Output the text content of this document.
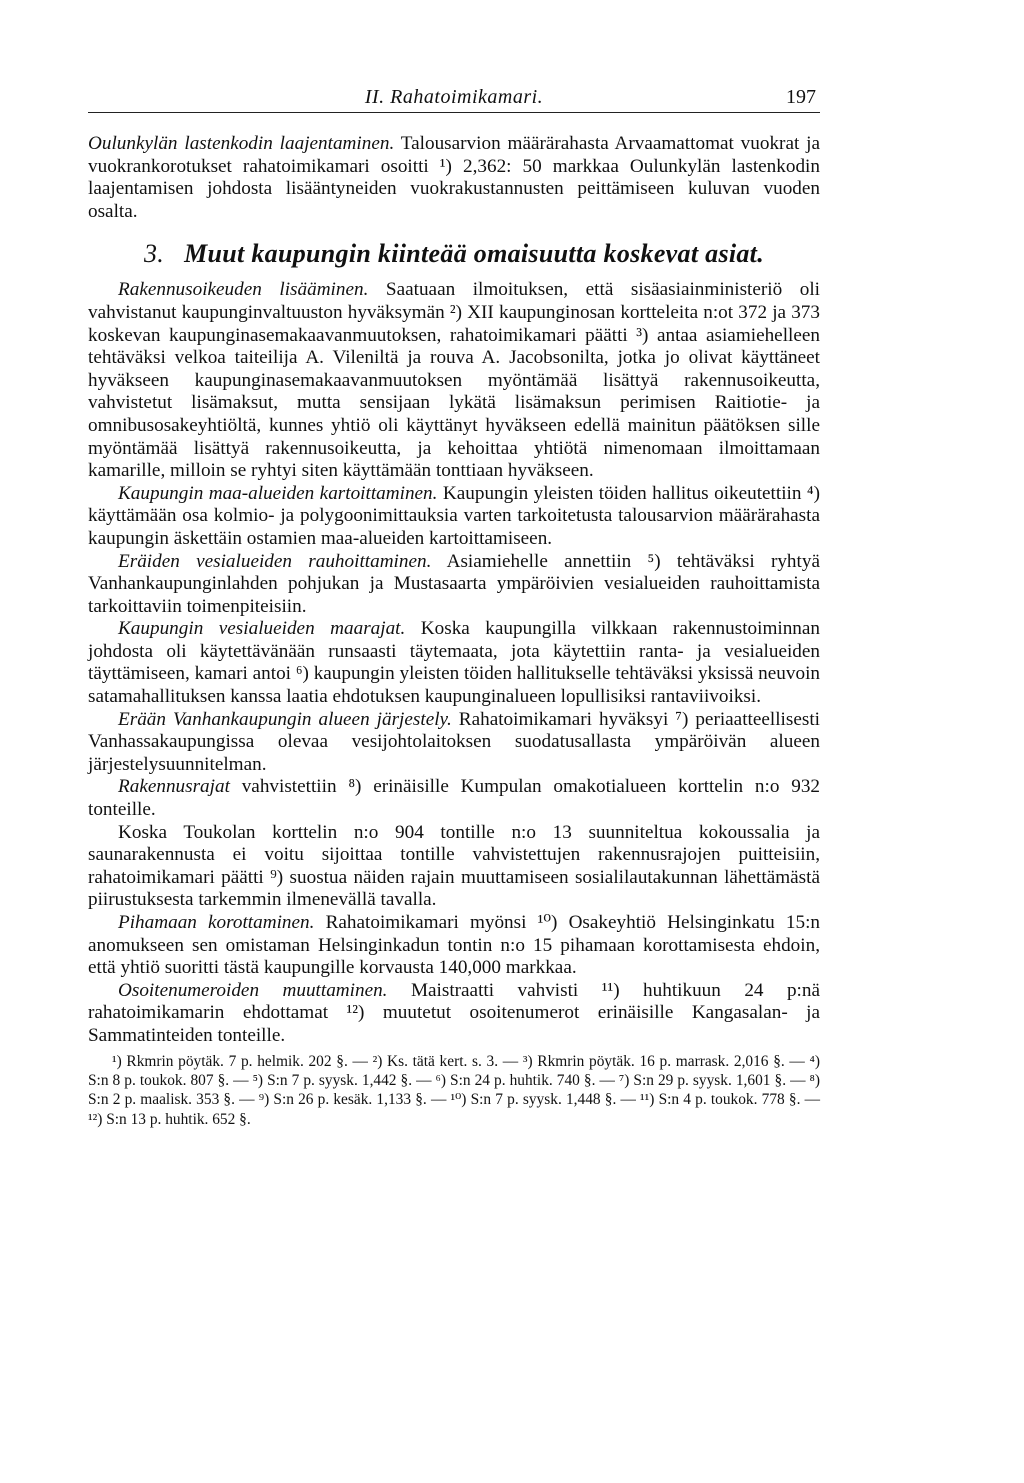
II. Rahatoimikamari.	197

Oulunkylän lastenkodin laajentaminen. Talousarvion määrärahasta Arvaamattomat vuokrat ja vuokrankorotukset rahatoimikamari osoitti ¹) 2,362: 50 markkaa Oulunkylän lastenkodin laajentamisen johdosta lisääntyneiden vuokrakustannusten peittämiseen kuluvan vuoden osalta.

3. Muut kaupungin kiinteää omaisuutta koskevat asiat.

Rakennusoikeuden lisääminen. Saatuaan ilmoituksen, että sisäasiainministeriö oli vahvistanut kaupunginvaltuuston hyväksymän ²) XII kaupunginosan kortteleita n:ot 372 ja 373 koskevan kaupunginasemakaavanmuutoksen, rahatoimikamari päätti ³) antaa asiamiehelleen tehtäväksi velkoa taiteilija A. Vileniltä ja rouva A. Jacobsonilta, jotka jo olivat käyttäneet hyväkseen kaupunginasemakaavanmuutoksen myöntämää lisättyä rakennusoikeutta, vahvistetut lisämaksut, mutta sensijaan lykätä lisämaksun perimisen Raitiotie- ja omnibusosakeyhtiöltä, kunnes yhtiö oli käyttänyt hyväkseen edellä mainitun päätöksen sille myöntämää lisättyä rakennusoikeutta, ja kehoittaa yhtiötä nimenomaan ilmoittamaan kamarille, milloin se ryhtyi siten käyttämään tonttiaan hyväkseen.

Kaupungin maa-alueiden kartoittaminen. Kaupungin yleisten töiden hallitus oikeutettiin ⁴) käyttämään osa kolmio- ja polygoonimittauksia varten tarkoitetusta talousarvion määrärahasta kaupungin äskettäin ostamien maa-alueiden kartoittamiseen.

Eräiden vesialueiden rauhoittaminen. Asiamiehelle annettiin ⁵) tehtäväksi ryhtyä Vanhankaupunginlahden pohjukan ja Mustasaarta ympäröivien vesialueiden rauhoittamista tarkoittaviin toimenpiteisiin.

Kaupungin vesialueiden maarajat. Koska kaupungilla vilkkaan rakennustoiminnan johdosta oli käytettävänään runsaasti täytemaata, jota käytettiin ranta- ja vesialueiden täyttämiseen, kamari antoi ⁶) kaupungin yleisten töiden hallitukselle tehtäväksi yksissä neuvoin satamahallituksen kanssa laatia ehdotuksen kaupunginalueen lopullisiksi rantaviivoiksi.

Erään Vanhankaupungin alueen järjestely. Rahatoimikamari hyväksyi ⁷) periaatteellisesti Vanhassakaupungissa olevaa vesijohtolaitoksen suodatusallasta ympäröivän alueen järjestelysuunnitelman.

Rakennusrajat vahvistettiin ⁸) erinäisille Kumpulan omakotialueen korttelin n:o 932 tonteille.

Koska Toukolan korttelin n:o 904 tontille n:o 13 suunniteltua kokoussalia ja saunarakennusta ei voitu sijoittaa tontille vahvistettujen rakennusrajojen puitteisiin, rahatoimikamari päätti ⁹) suostua näiden rajain muuttamiseen sosialilautakunnan lähettämästä piirustuksesta tarkemmin ilmenevällä tavalla.

Pihamaan korottaminen. Rahatoimikamari myönsi ¹⁰) Osakeyhtiö Helsinginkatu 15:n anomukseen sen omistaman Helsinginkadun tontin n:o 15 pihamaan korottamisesta ehdoin, että yhtiö suoritti tästä kaupungille korvausta 140,000 markkaa.

Osoitenumeroiden muuttaminen. Maistraatti vahvisti ¹¹) huhtikuun 24 p:nä rahatoimikamarin ehdottamat ¹²) muutetut osoitenumerot erinäisille Kangasalan- ja Sammatinteiden tonteille.

¹) Rkmrin pöytäk. 7 p. helmik. 202 §. — ²) Ks. tätä kert. s. 3. — ³) Rkmrin pöytäk. 16 p. marrask. 2,016 §. — ⁴) S:n 8 p. toukok. 807 §. — ⁵) S:n 7 p. syysk. 1,442 §. — ⁶) S:n 24 p. huhtik. 740 §. — ⁷) S:n 29 p. syysk. 1,601 §. — ⁸) S:n 2 p. maalisk. 353 §. — ⁹) S:n 26 p. kesäk. 1,133 §. — ¹⁰) S:n 7 p. syysk. 1,448 §. — ¹¹) S:n 4 p. toukok. 778 §. — ¹²) S:n 13 p. huhtik. 652 §.
